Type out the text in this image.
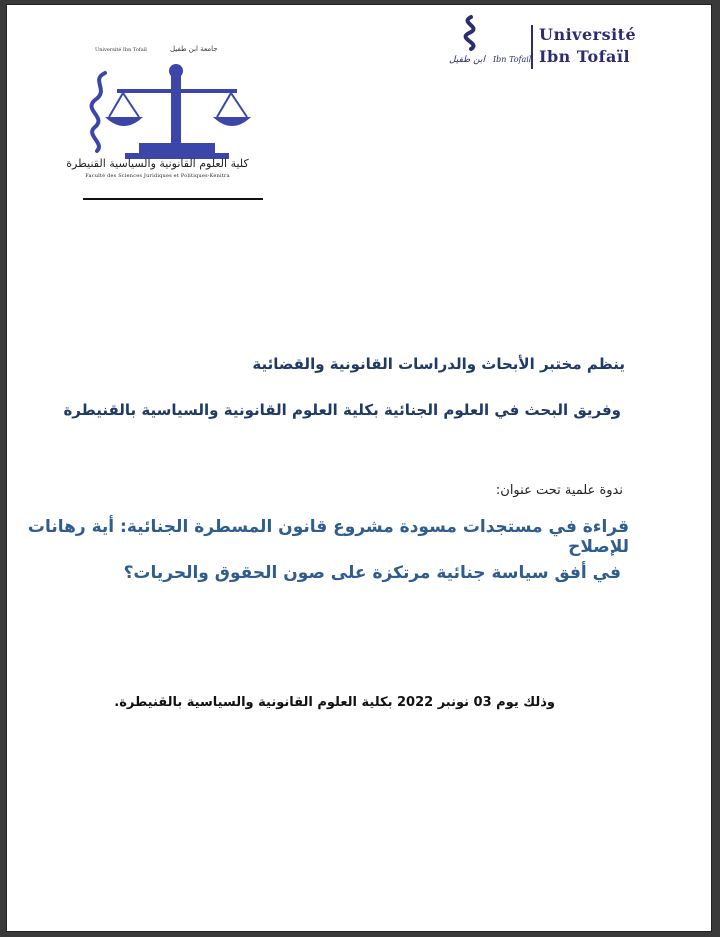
Université Ibn Tofaïl	جامعة ابن طفيل
كلية العلوم القانونية والسياسية القنيطرة
Faculté des Sciences Juridiques et Politiques-Kenitra
ابن طفيل Ibn Tofail
Université
Ibn Tofaïl
ينظم مختبر الأبحاث والدراسات القانونية والقضائية
وفريق البحث في العلوم الجنائية بكلية العلوم القانونية والسياسية بالقنيطرة
ندوة علمية تحت عنوان:
قراءة في مستجدات مسودة مشروع قانون المسطرة الجنائية: أية رهانات للإصلاح
في أفق سياسة جنائية مرتكزة على صون الحقوق والحريات؟
وذلك يوم 03 نونبر 2022 بكلية العلوم القانونية والسياسية بالقنيطرة.
